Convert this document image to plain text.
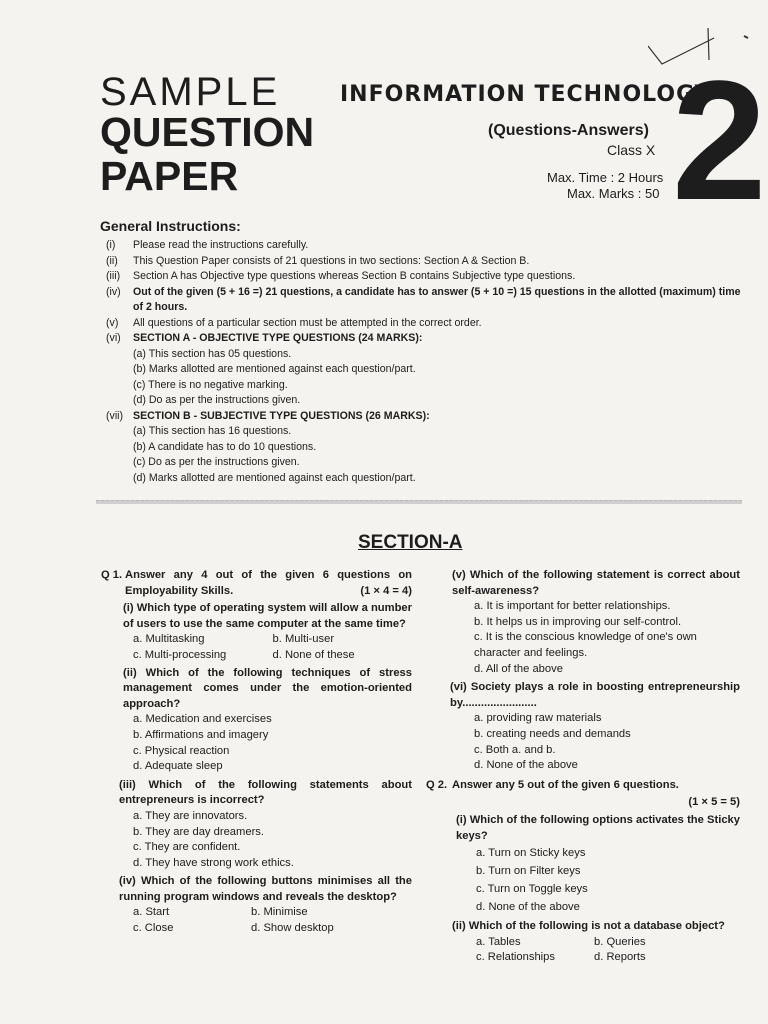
SAMPLE
QUESTION
PAPER
INFORMATION TECHNOLOGY
(Questions-Answers)
Class X
Max. Time : 2 Hours
Max. Marks : 50 2
General Instructions:
(i)	Please read the instructions carefully.
(ii)	This Question Paper consists of 21 questions in two sections: Section A & Section B.
(iii)	Section A has Objective type questions whereas Section B contains Subjective type questions.
(iv)	Out of the given (5 + 16 =) 21 questions, a candidate has to answer (5 + 10 =) 15 questions in the allotted (maximum) time of 2 hours.
(v)	All questions of a particular section must be attempted in the correct order.
(vi)	SECTION A - OBJECTIVE TYPE QUESTIONS (24 MARKS):
(a) This section has 05 questions.
(b) Marks allotted are mentioned against each question/part.
(c) There is no negative marking.
(d) Do as per the instructions given.
(vii) SECTION B - SUBJECTIVE TYPE QUESTIONS (26 MARKS):
(a) This section has 16 questions.
(b) A candidate has to do 10 questions.
(c) Do as per the instructions given.
(d) Marks allotted are mentioned against each question/part.
SECTION-A
Q 1. Answer any 4 out of the given 6 questions on Employability Skills.	(1 × 4 = 4)
(i) Which type of operating system will allow a number of users to use the same computer at the same time?
a. Multitasking	b. Multi-user
c. Multi-processing	d. None of these
(ii) Which of the following techniques of stress management comes under the emotion-oriented approach?
a. Medication and exercises
b. Affirmations and imagery
c. Physical reaction
d. Adequate sleep
(iii) Which of the following statements about entrepreneurs is incorrect?
a. They are innovators.
b. They are day dreamers.
c. They are confident.
d. They have strong work ethics.
(iv) Which of the following buttons minimises all the running program windows and reveals the desktop?
a. Start	b. Minimise
c. Close	d. Show desktop
(v) Which of the following statement is correct about self-awareness?
a. It is important for better relationships.
b. It helps us in improving our self-control.
c. It is the conscious knowledge of one's own character and feelings.
d. All of the above
(vi) Society plays a role in boosting entrepreneurship by........................
a. providing raw materials
b. creating needs and demands
c. Both a. and b.
d. None of the above
Q 2. Answer any 5 out of the given 6 questions.
(1 × 5 = 5)
(i) Which of the following options activates the Sticky keys?
a. Turn on Sticky keys
b. Turn on Filter keys
c. Turn on Toggle keys
d. None of the above
(ii) Which of the following is not a database object?
a. Tables	b. Queries
c. Relationships	d. Reports
